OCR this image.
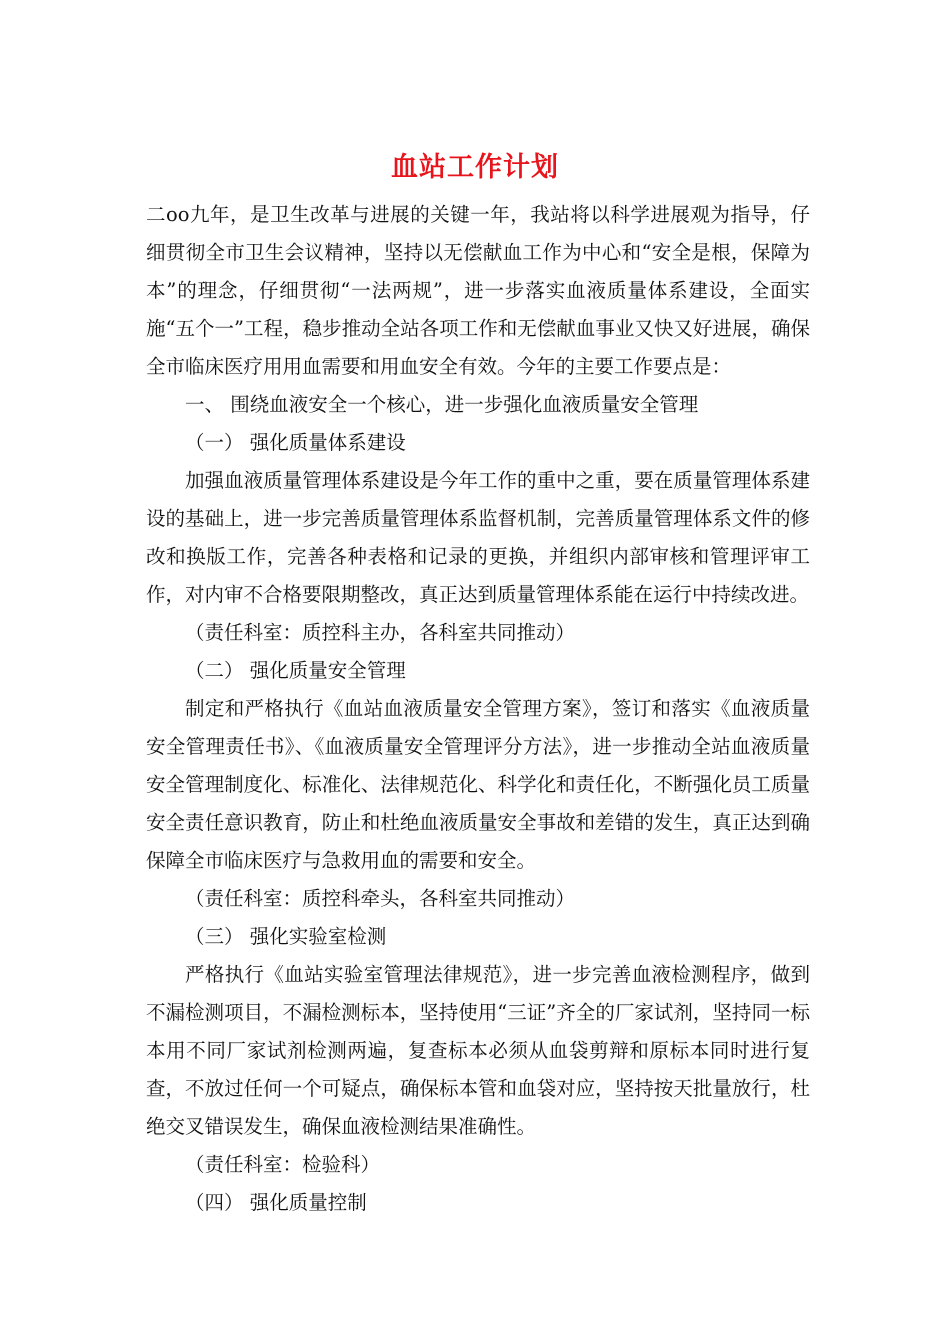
血站工作计划

二oo九年，是卫生改革与进展的关键一年，我站将以科学进展观为指导，仔细贯彻全市卫生会议精神，坚持以无偿献血工作为中心和“安全是根，保障为本”的理念，仔细贯彻“一法两规”，进一步落实血液质量体系建设，全面实施“五个一”工程，稳步推动全站各项工作和无偿献血事业又快又好进展，确保全市临床医疗用用血需要和用血安全有效。今年的主要工作要点是：

一、 围绕血液安全一个核心，进一步强化血液质量安全管理

（一） 强化质量体系建设

加强血液质量管理体系建设是今年工作的重中之重，要在质量管理体系建设的基础上，进一步完善质量管理体系监督机制，完善质量管理体系文件的修改和换版工作，完善各种表格和记录的更换，并组织内部审核和管理评审工作，对内审不合格要限期整改，真正达到质量管理体系能在运行中持续改进。

（责任科室：质控科主办，各科室共同推动）

（二） 强化质量安全管理

制定和严格执行《血站血液质量安全管理方案》，签订和落实《血液质量安全管理责任书》、《血液质量安全管理评分方法》，进一步推动全站血液质量安全管理制度化、标准化、法律规范化、科学化和责任化，不断强化员工质量安全责任意识教育，防止和杜绝血液质量安全事故和差错的发生，真正达到确保障全市临床医疗与急救用血的需要和安全。

（责任科室：质控科牵头，各科室共同推动）

（三） 强化实验室检测

严格执行《血站实验室管理法律规范》，进一步完善血液检测程序，做到不漏检测项目，不漏检测标本，坚持使用“三证”齐全的厂家试剂，坚持同一标本用不同厂家试剂检测两遍，复查标本必须从血袋剪辩和原标本同时进行复查，不放过任何一个可疑点，确保标本管和血袋对应，坚持按天批量放行，杜绝交叉错误发生，确保血液检测结果准确性。

（责任科室：检验科）

（四） 强化质量控制
